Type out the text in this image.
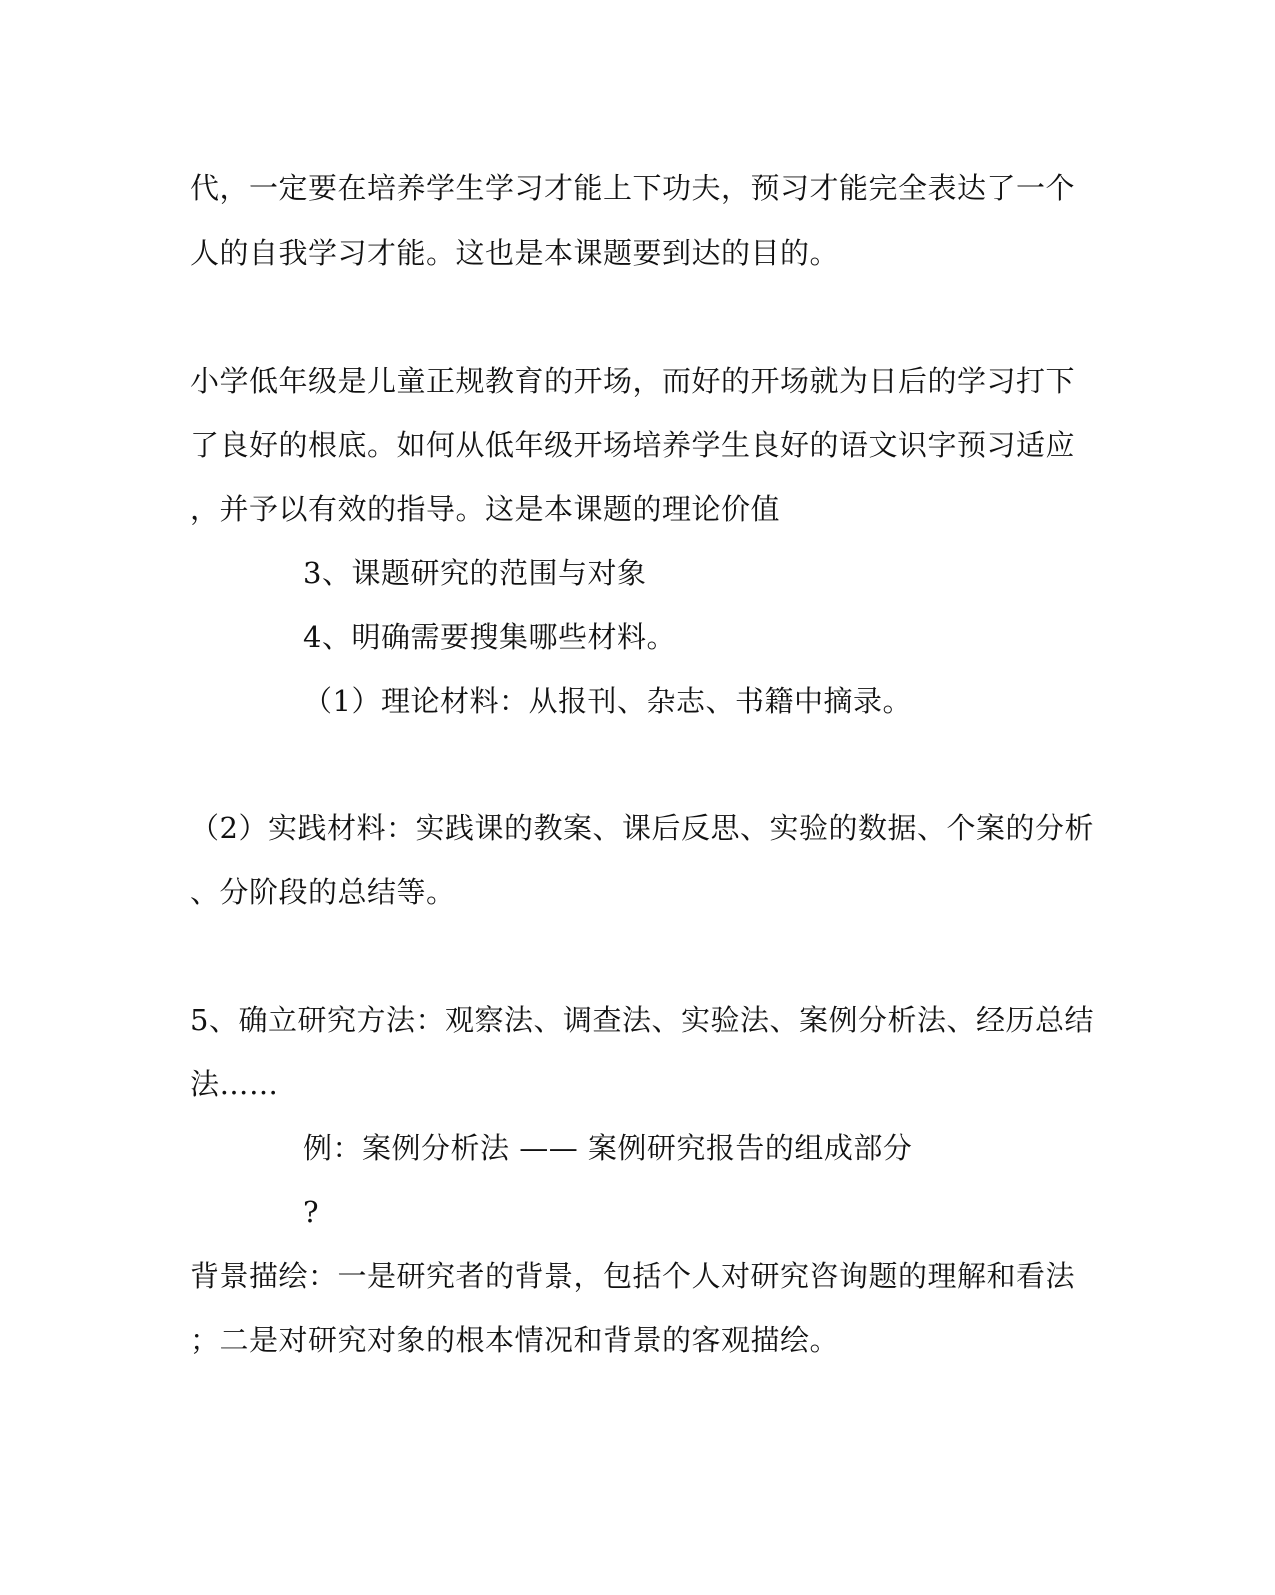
代，一定要在培养学生学习才能上下功夫，预习才能完全表达了一个
人的自我学习才能。这也是本课题要到达的目的。
小学低年级是儿童正规教育的开场，而好的开场就为日后的学习打下
了良好的根底。如何从低年级开场培养学生良好的语文识字预习适应
，并予以有效的指导。这是本课题的理论价值
3、课题研究的范围与对象
4、明确需要搜集哪些材料。
（1）理论材料：从报刊、杂志、书籍中摘录。
（2）实践材料：实践课的教案、课后反思、实验的数据、个案的分析
、分阶段的总结等。
5、确立研究方法：观察法、调查法、实验法、案例分析法、经历总结
法……
例：案例分析法 —— 案例研究报告的组成部分
?
背景描绘：一是研究者的背景，包括个人对研究咨询题的理解和看法
；二是对研究对象的根本情况和背景的客观描绘。
